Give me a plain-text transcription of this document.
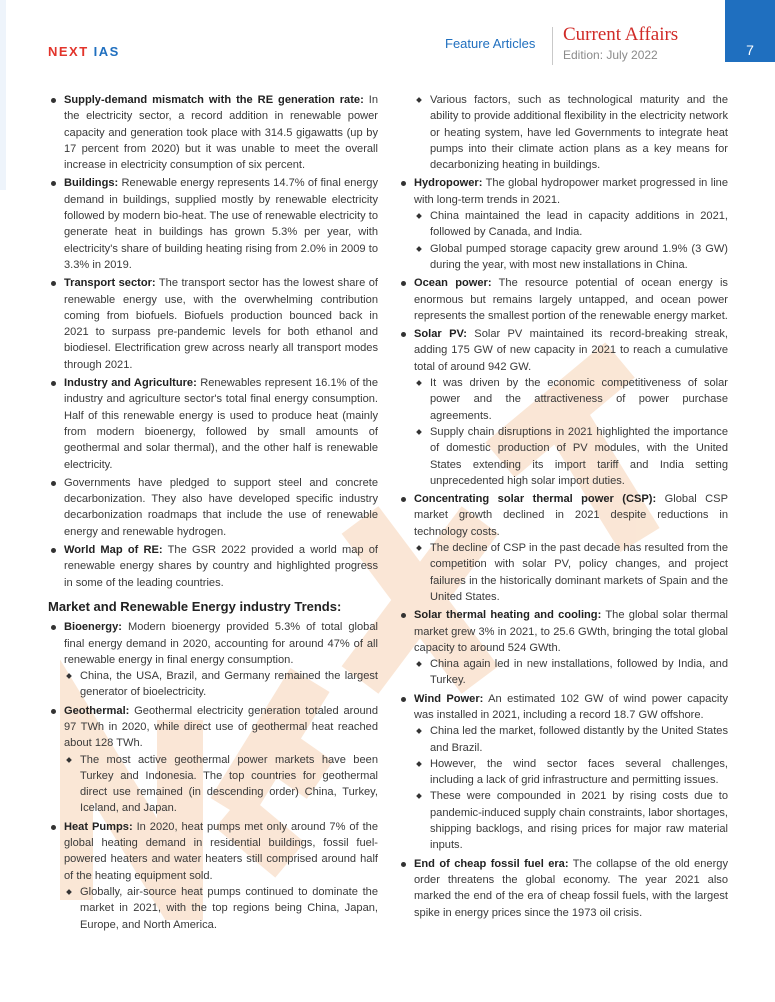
NEXT IAS
Feature Articles Current Affairs
Edition: July 2022	7
Supply-demand mismatch with the RE generation rate: In the electricity sector, a record addition in renewable power capacity and generation took place with 314.5 gigawatts (up by 17 percent from 2020) but it was unable to meet the overall increase in electricity consumption of six percent.
Buildings: Renewable energy represents 14.7% of final energy demand in buildings, supplied mostly by renewable electricity followed by modern bio-heat. The use of renewable electricity to generate heat in buildings has grown 5.3% per year, with electricity's share of building heating rising from 2.0% in 2009 to 3.3% in 2019.
Transport sector: The transport sector has the lowest share of renewable energy use, with the overwhelming contribution coming from biofuels. Biofuels production bounced back in 2021 to surpass pre-pandemic levels for both ethanol and biodiesel. Electrification grew across nearly all transport modes through 2021.
Industry and Agriculture: Renewables represent 16.1% of the industry and agriculture sector's total final energy consumption. Half of this renewable energy is used to produce heat (mainly from modern bioenergy, followed by small amounts of geothermal and solar thermal), and the other half is renewable electricity.
Governments have pledged to support steel and concrete decarbonization. They also have developed specific industry decarbonization roadmaps that include the use of renewable energy and renewable hydrogen.
World Map of RE: The GSR 2022 provided a world map of renewable energy shares by country and highlighted progress in some of the leading countries.
Market and Renewable Energy industry Trends:
Bioenergy: Modern bioenergy provided 5.3% of total global final energy demand in 2020, accounting for around 47% of all renewable energy in final energy consumption.
China, the USA, Brazil, and Germany remained the largest generator of bioelectricity.
Geothermal: Geothermal electricity generation totaled around 97 TWh in 2020, while direct use of geothermal heat reached about 128 TWh.
The most active geothermal power markets have been Turkey and Indonesia. The top countries for geothermal direct use remained (in descending order) China, Turkey, Iceland, and Japan.
Heat Pumps: In 2020, heat pumps met only around 7% of the global heating demand in residential buildings, fossil fuel-powered heaters and water heaters still comprised around half of the heating equipment sold.
Globally, air-source heat pumps continued to dominate the market in 2021, with the top regions being China, Japan, Europe, and North America.
Various factors, such as technological maturity and the ability to provide additional flexibility in the electricity network or heating system, have led Governments to integrate heat pumps into their climate action plans as a key means for decarbonizing heating in buildings.
Hydropower: The global hydropower market progressed in line with long-term trends in 2021.
China maintained the lead in capacity additions in 2021, followed by Canada, and India.
Global pumped storage capacity grew around 1.9% (3 GW) during the year, with most new installations in China.
Ocean power: The resource potential of ocean energy is enormous but remains largely untapped, and ocean power represents the smallest portion of the renewable energy market.
Solar PV: Solar PV maintained its record-breaking streak, adding 175 GW of new capacity in 2021 to reach a cumulative total of around 942 GW.
It was driven by the economic competitiveness of solar power and the attractiveness of power purchase agreements.
Supply chain disruptions in 2021 highlighted the importance of domestic production of PV modules, with the United States extending its import tariff and India setting unprecedented high solar import duties.
Concentrating solar thermal power (CSP): Global CSP market growth declined in 2021 despite reductions in technology costs.
The decline of CSP in the past decade has resulted from the competition with solar PV, policy changes, and project failures in the historically dominant markets of Spain and the United States.
Solar thermal heating and cooling: The global solar thermal market grew 3% in 2021, to 25.6 GWth, bringing the total global capacity to around 524 GWth.
China again led in new installations, followed by India, and Turkey.
Wind Power: An estimated 102 GW of wind power capacity was installed in 2021, including a record 18.7 GW offshore.
China led the market, followed distantly by the United States and Brazil.
However, the wind sector faces several challenges, including a lack of grid infrastructure and permitting issues.
These were compounded in 2021 by rising costs due to pandemic-induced supply chain constraints, labor shortages, shipping backlogs, and rising prices for major raw material inputs.
End of cheap fossil fuel era: The collapse of the old energy order threatens the global economy. The year 2021 also marked the end of the era of cheap fossil fuels, with the largest spike in energy prices since the 1973 oil crisis.
